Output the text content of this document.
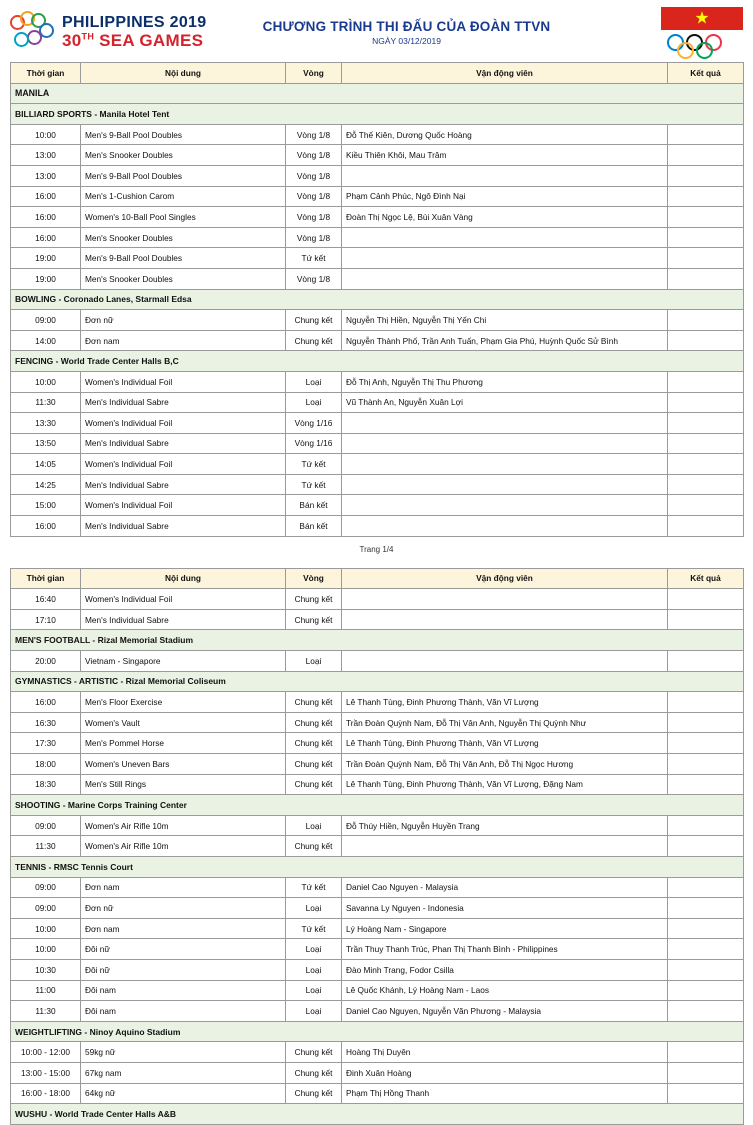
PHILIPPINES 2019
30TH SEA GAMES
CHƯƠNG TRÌNH THI ĐẤU CỦA ĐOÀN TTVN
NGÀY 03/12/2019
★
Thời gian	Nội dung	Vòng	Vận động viên	Kết quả
MANILA				
BILLIARD SPORTS - Manila Hotel Tent				
10:00	Men's 9-Ball Pool Doubles	Vòng 1/8	Đỗ Thế Kiên, Dương Quốc Hoàng	
13:00	Men's Snooker Doubles	Vòng 1/8	Kiều Thiên Khôi, Mau Trâm	
13:00	Men's 9-Ball Pool Doubles	Vòng 1/8		
16:00	Men's 1-Cushion Carom	Vòng 1/8	Phạm Cảnh Phúc, Ngô Đình Nại	
16:00	Women's 10-Ball Pool Singles	Vòng 1/8	Đoàn Thị Ngọc Lệ, Bùi Xuân Vàng	
16:00	Men's Snooker Doubles	Vòng 1/8		
19:00	Men's 9-Ball Pool Doubles	Tứ kết		
19:00	Men's Snooker Doubles	Vòng 1/8		
BOWLING - Coronado Lanes, Starmall Edsa				
09:00	Đơn nữ	Chung kết	Nguyễn Thị Hiền, Nguyễn Thị Yến Chi	
14:00	Đơn nam	Chung kết	Nguyễn Thành Phố, Trần Anh Tuấn, Phạm Gia Phú, Huỳnh Quốc Sử Bình	
FENCING - World Trade Center Halls B,C				
10:00	Women's Individual Foil	Loại	Đỗ Thị Anh, Nguyễn Thị Thu Phương	
11:30	Men's Individual Sabre	Loại	Vũ Thành An, Nguyễn Xuân Lợi	
13:30	Women's Individual Foil	Vòng 1/16		
13:50	Men's Individual Sabre	Vòng 1/16		
14:05	Women's Individual Foil	Tứ kết		
14:25	Men's Individual Sabre	Tứ kết		
15:00	Women's Individual Foil	Bán kết		
16:00	Men's Individual Sabre	Bán kết		
Trang 1/4
Thời gian	Nội dung	Vòng	Vận động viên	Kết quả
16:40	Women's Individual Foil	Chung kết		
17:10	Men's Individual Sabre	Chung kết		
MEN'S FOOTBALL - Rizal Memorial Stadium				
20:00	Vietnam - Singapore	Loại		
GYMNASTICS - ARTISTIC - Rizal Memorial Coliseum				
16:00	Men's Floor Exercise	Chung kết	Lê Thanh Tùng, Đinh Phương Thành, Văn Vĩ Lượng	
16:30	Women's Vault	Chung kết	Trần Đoàn Quỳnh Nam, Đỗ Thị Vân Anh, Nguyễn Thị Quỳnh Như	
17:30	Men's Pommel Horse	Chung kết	Lê Thanh Tùng, Đinh Phương Thành, Văn Vĩ Lượng	
18:00	Women's Uneven Bars	Chung kết	Trần Đoàn Quỳnh Nam, Đỗ Thị Vân Anh, Đỗ Thị Ngọc Hương	
18:30	Men's Still Rings	Chung kết	Lê Thanh Tùng, Đinh Phương Thành, Văn Vĩ Lượng, Đặng Nam	
SHOOTING - Marine Corps Training Center				
09:00	Women's Air Rifle 10m	Loại	Đỗ Thúy Hiền, Nguyễn Huyền Trang	
11:30	Women's Air Rifle 10m	Chung kết		
TENNIS - RMSC Tennis Court				
09:00	Đơn nam	Tứ kết	Daniel Cao Nguyen - Malaysia	
09:00	Đơn nữ	Loại	Savanna Ly Nguyen - Indonesia	
10:00	Đơn nam	Tứ kết	Lý Hoàng Nam - Singapore	
10:00	Đôi nữ	Loại	Trần Thuy Thanh Trúc, Phan Thị Thanh Bình - Philippines	
10:30	Đôi nữ	Loại	Đào Minh Trang, Fodor Csilla	
11:00	Đôi nam	Loại	Lê Quốc Khánh, Lý Hoàng Nam - Laos	
11:30	Đôi nam	Loại	Daniel Cao Nguyen, Nguyễn Văn Phương - Malaysia	
WEIGHTLIFTING - Ninoy Aquino Stadium				
10:00 - 12:00	59kg nữ	Chung kết	Hoàng Thị Duyên	
13:00 - 15:00	67kg nam	Chung kết	Đinh Xuân Hoàng	
16:00 - 18:00	64kg nữ	Chung kết	Phạm Thị Hồng Thanh	
WUSHU - World Trade Center Halls A&B				
